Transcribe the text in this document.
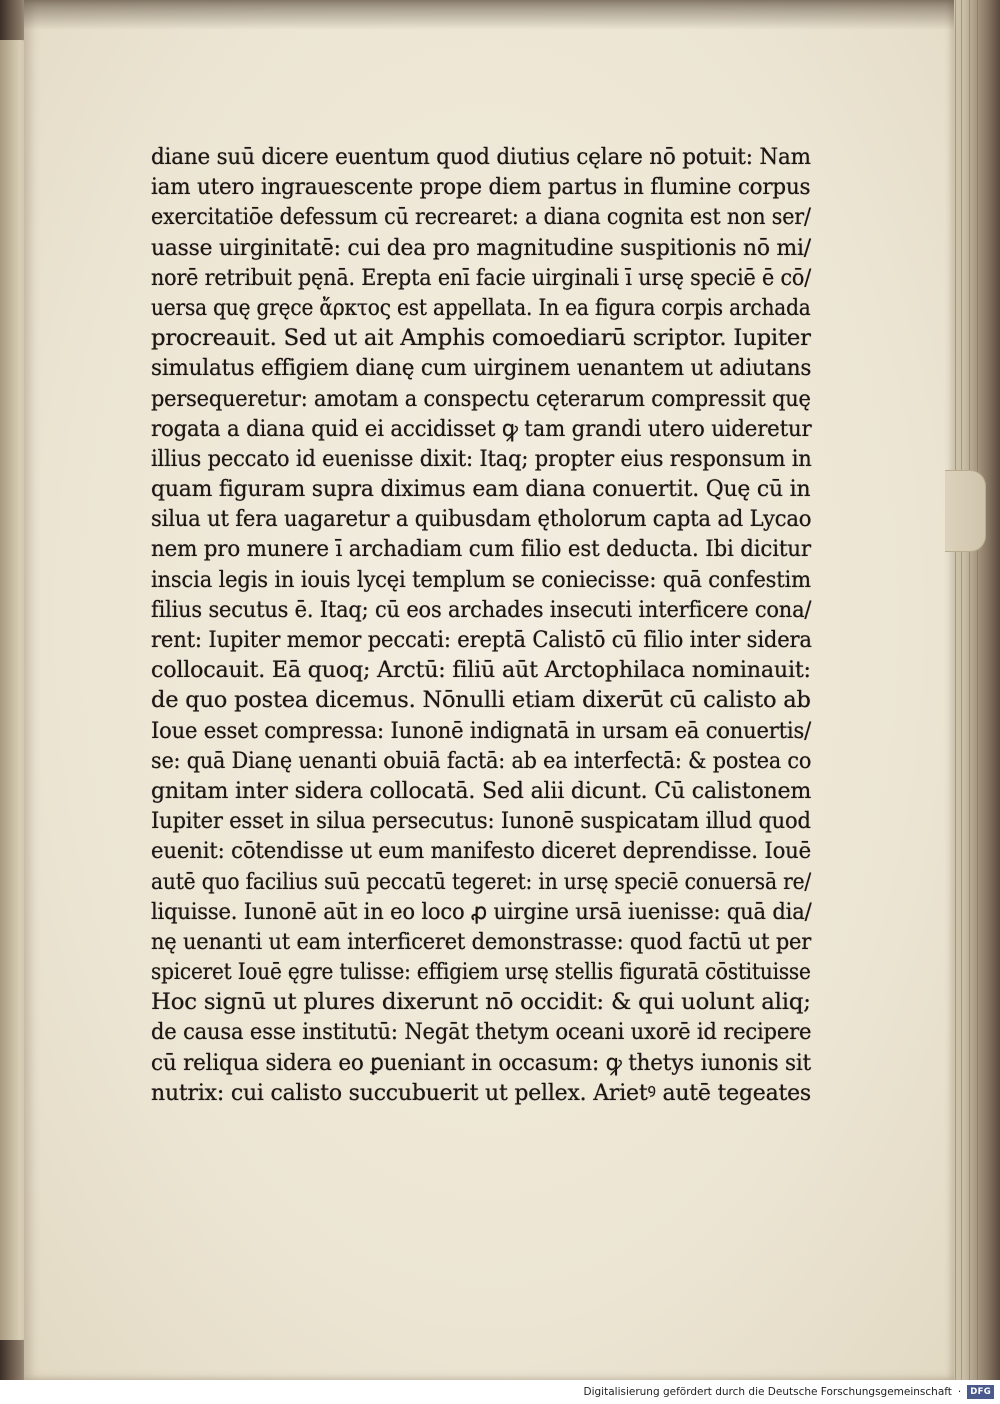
diane suū dicere euentum quod diutius cęlare nō potuit: Nam
iam utero ingrauescente prope diem partus in flumine corpus
exercitatiōe defessum cū recrearet: a diana cognita est non ser/
uasse uirginitatē: cui dea pro magnitudine suspitionis nō mi/
norē retribuit pęnā. Erepta enī facie uirginali ī ursę speciē ē cō/
uersa quę gręce ἄρκτος est appellata. In ea figura corpis archada
procreauit. Sed ut ait Amphis comoediarū scriptor. Iupiter
simulatus effigiem dianę cum uirginem uenantem ut adiutans
persequeretur: amotam a conspectu cęterarum compressit quę
rogata a diana quid ei accidisset ꝙ tam grandi utero uideretur
illius peccato id euenisse dixit: Itaq; propter eius responsum in
quam figuram supra diximus eam diana conuertit. Quę cū in
silua ut fera uagaretur a quibusdam ętholorum capta ad Lycao
nem pro munere ī archadiam cum filio est deducta. Ibi dicitur
inscia legis in iouis lycęi templum se coniecisse: quā confestim
filius secutus ē. Itaq; cū eos archades insecuti interficere cona/
rent: Iupiter memor peccati: ereptā Calistō cū filio inter sidera
collocauit. Eā quoq; Arctū: filiū aūt Arctophilaca nominauit:
de quo postea dicemus. Nōnulli etiam dixerūt cū calisto ab
Ioue esset compressa: Iunonē indignatā in ursam eā conuertis/
se: quā Dianę uenanti obuiā factā: ab ea interfectā: & postea co
gnitam inter sidera collocatā. Sed alii dicunt. Cū calistonem
Iupiter esset in silua persecutus: Iunonē suspicatam illud quod
euenit: cōtendisse ut eum manifesto diceret deprendisse. Iouē
autē quo facilius suū peccatū tegeret: in ursę speciē conuersā re/
liquisse. Iunonē aūt in eo loco ꝓ uirgine ursā iuenisse: quā dia/
nę uenanti ut eam interficeret demonstrasse: quod factū ut per
spiceret Iouē ęgre tulisse: effigiem ursę stellis figuratā cōstituisse
Hoc signū ut plures dixerunt nō occidit: & qui uolunt aliq;
de causa esse institutū: Negāt thetym oceani uxorē id recipere
cū reliqua sidera eo ꝑueniant in occasum: ꝙ thetys iunonis sit
nutrix: cui calisto succubuerit ut pellex. Arietꝰ autē tegeates
Digitalisierung gefördert durch die Deutsche Forschungsgemeinschaft ·	DFG
